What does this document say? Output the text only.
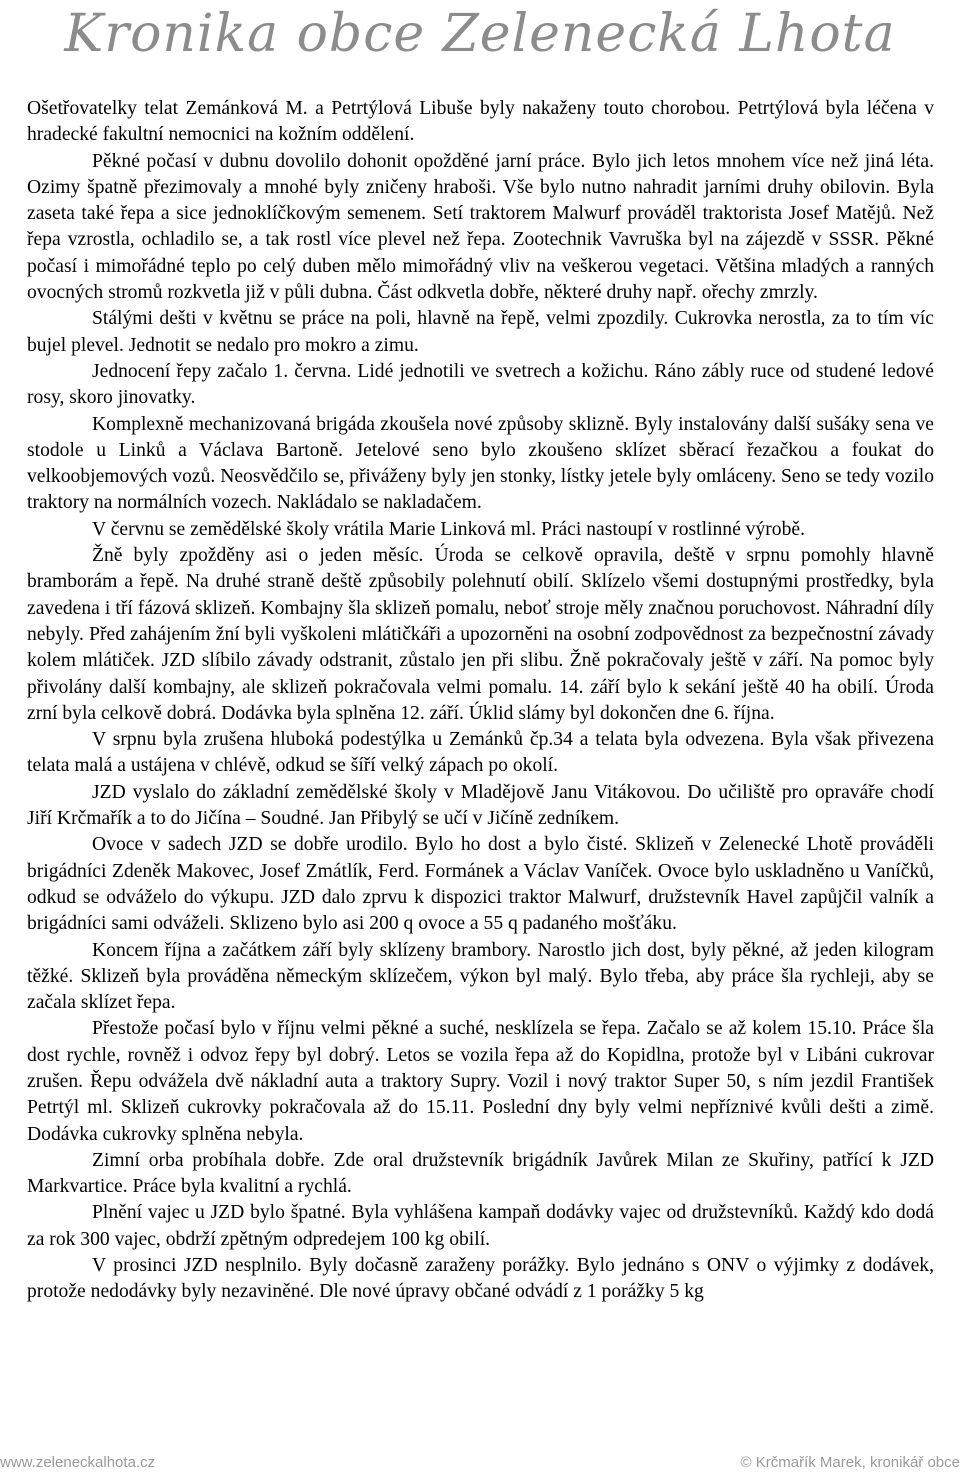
Kronika obce Zelenecká Lhota

Ošetřovatelky telat Zemánková M. a Petrtýlová Libuše byly nakaženy touto chorobou. Petrtýlová byla léčena v hradecké fakultní nemocnici na kožním oddělení.

Pěkné počasí v dubnu dovolilo dohonit opožděné jarní práce. Bylo jich letos mnohem více než jiná léta. Ozimy špatně přezimovaly a mnohé byly zničeny hraboši. Vše bylo nutno nahradit jarními druhy obilovin. Byla zaseta také řepa a sice jednoklíčkovým semenem. Setí traktorem Malwurf prováděl traktorista Josef Matějů. Než řepa vzrostla, ochladilo se, a tak rostl více plevel než řepa. Zootechnik Vavruška byl na zájezdě v SSSR. Pěkné počasí i mimořádné teplo po celý duben mělo mimořádný vliv na veškerou vegetaci. Většina mladých a ranných ovocných stromů rozkvetla již v půli dubna. Část odkvetla dobře, některé druhy např. ořechy zmrzly.

Stálými dešti v květnu se práce na poli, hlavně na řepě, velmi zpozdily. Cukrovka nerostla, za to tím víc bujel plevel. Jednotit se nedalo pro mokro a zimu.

Jednocení řepy začalo 1. června. Lidé jednotili ve svetrech a kožichu. Ráno zábly ruce od studené ledové rosy, skoro jinovatky.

Komplexně mechanizovaná brigáda zkoušela nové způsoby sklizně. Byly instalovány další sušáky sena ve stodole u Linků a Václava Bartoně. Jetelové seno bylo zkoušeno sklízet sběrací řezačkou a foukat do velkoobjemových vozů. Neosvědčilo se, přiváženy byly jen stonky, lístky jetele byly omláceny. Seno se tedy vozilo traktory na normálních vozech. Nakládalo se nakladačem.

V červnu se zemědělské školy vrátila Marie Linková ml. Práci nastoupí v rostlinné výrobě.

Žně byly zpožděny asi o jeden měsíc. Úroda se celkově opravila, deště v srpnu pomohly hlavně bramborám a řepě. Na druhé straně deště způsobily polehnutí obilí. Sklízelo všemi dostupnými prostředky, byla zavedena i tří fázová sklizeň. Kombajny šla sklizeň pomalu, neboť stroje měly značnou poruchovost. Náhradní díly nebyly. Před zahájením žní byli vyškoleni mlátičkáři a upozorněni na osobní zodpovědnost za bezpečnostní závady kolem mlátiček. JZD slíbilo závady odstranit, zůstalo jen při slibu. Žně pokračovaly ještě v září. Na pomoc byly přivolány další kombajny, ale sklizeň pokračovala velmi pomalu. 14. září bylo k sekání ještě 40 ha obilí. Úroda zrní byla celkově dobrá. Dodávka byla splněna 12. září. Úklid slámy byl dokončen dne 6. října.

V srpnu byla zrušena hluboká podestýlka u Zemánků čp.34 a telata byla odvezena. Byla však přivezena telata malá a ustájena v chlévě, odkud se šíří velký zápach po okolí.

JZD vyslalo do základní zemědělské školy v Mladějově Janu Vitákovou. Do učiliště pro opraváře chodí Jiří Krčmařík a to do Jičína – Soudné. Jan Přibylý se učí v Jičíně zedníkem.

Ovoce v sadech JZD se dobře urodilo. Bylo ho dost a bylo čisté. Sklizeň v Zelenecké Lhotě prováděli brigádníci Zdeněk Makovec, Josef Zmátlík, Ferd. Formánek a Václav Vaníček. Ovoce bylo uskladněno u Vaníčků, odkud se odváželo do výkupu. JZD dalo zprvu k dispozici traktor Malwurf, družstevník Havel zapůjčil valník a brigádníci sami odváželi. Sklizeno bylo asi 200 q ovoce a 55 q padaného mošťáku.

Koncem října a začátkem září byly sklízeny brambory. Narostlo jich dost, byly pěkné, až jeden kilogram těžké. Sklizeň byla prováděna německým sklízečem, výkon byl malý. Bylo třeba, aby práce šla rychleji, aby se začala sklízet řepa.

Přestože počasí bylo v říjnu velmi pěkné a suché, nesklízela se řepa. Začalo se až kolem 15.10. Práce šla dost rychle, rovněž i odvoz řepy byl dobrý. Letos se vozila řepa až do Kopidlna, protože byl v Libáni cukrovar zrušen. Řepu odvážela dvě nákladní auta a traktory Supry. Vozil i nový traktor Super 50, s ním jezdil František Petrtýl ml. Sklizeň cukrovky pokračovala až do 15.11. Poslední dny byly velmi nepříznivé kvůli dešti a zimě. Dodávka cukrovky splněna nebyla.

Zimní orba probíhala dobře. Zde oral družstevník brigádník Javůrek Milan ze Skuřiny, patřící k JZD Markvartice. Práce byla kvalitní a rychlá.

Plnění vajec u JZD bylo špatné. Byla vyhlášena kampaň dodávky vajec od družstevníků. Každý kdo dodá za rok 300 vajec, obdrží zpětným odpredejem 100 kg obilí.

V prosinci JZD nesplnilo. Byly dočasně zaraženy porážky. Bylo jednáno s ONV o výjimky z dodávek, protože nedodávky byly nezaviněné. Dle nové úpravy občané odvádí z 1 porážky 5 kg

www.zeleneckalhota.cz	© Krčmařík Marek, kronikář obce
